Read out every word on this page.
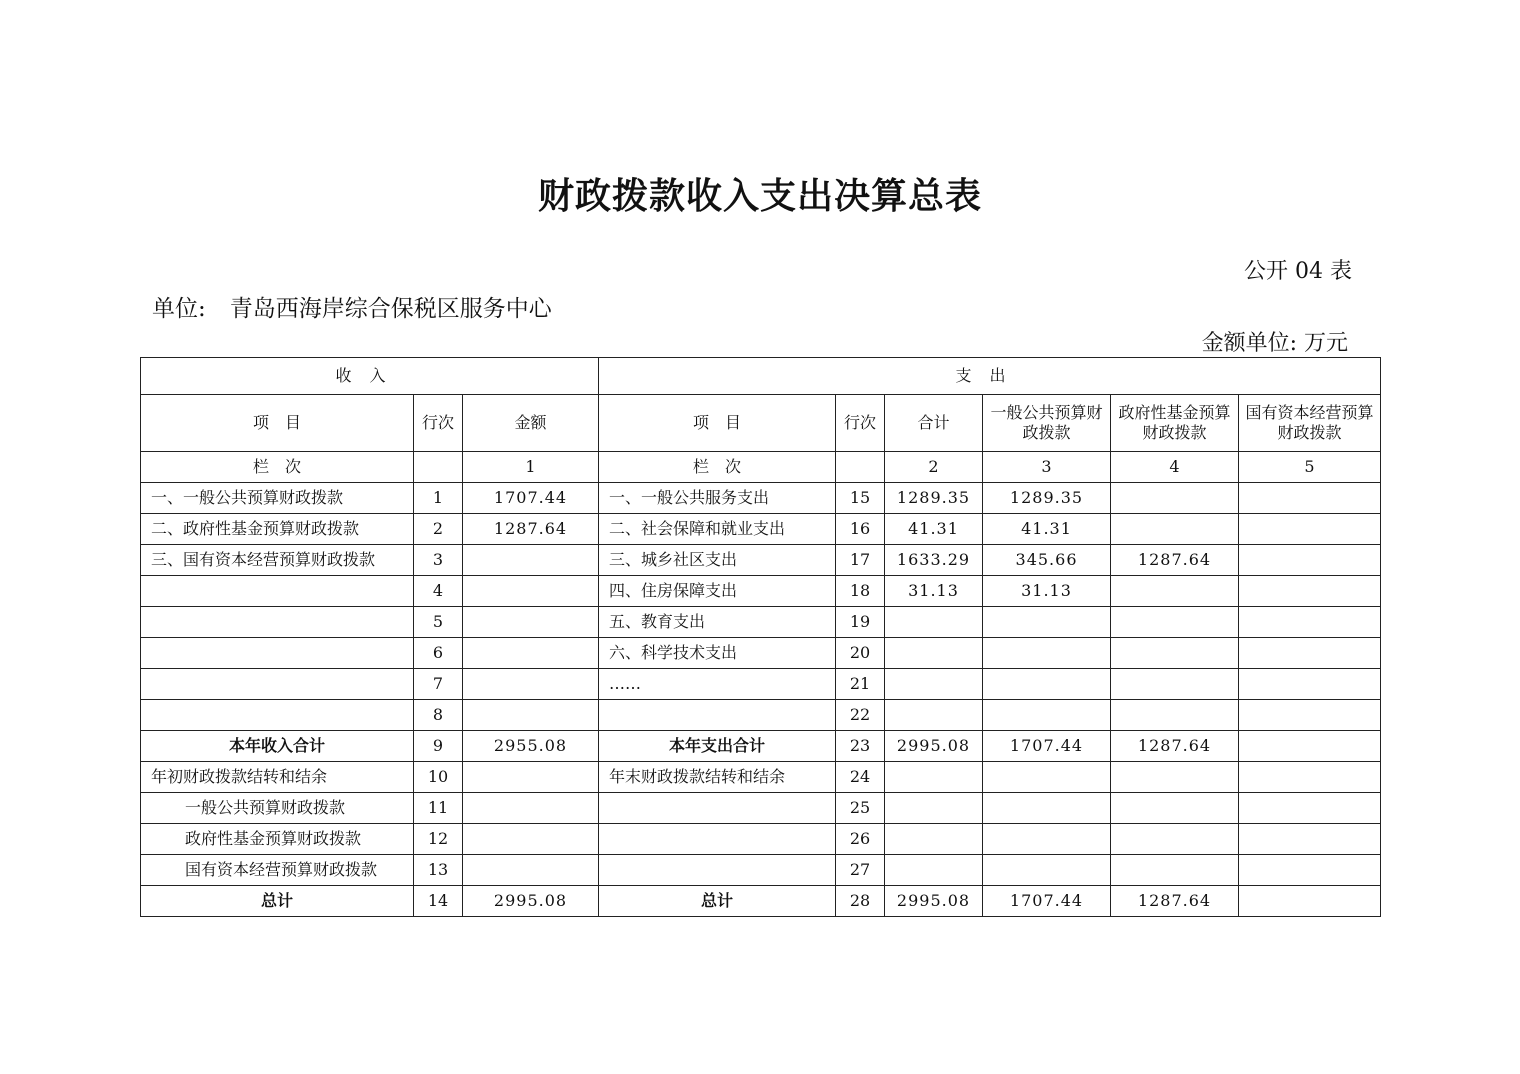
财政拨款收入支出决算总表
公开 04 表
单位: 青岛西海岸综合保税区服务中心
金额单位: 万元
收入			支出					
项　目	行次	金额	项　目	行次	合计	一般公共预算财政拨款	政府性基金预算财政拨款	国有资本经营预算财政拨款
栏　次		1	栏　次		2	3	4	5
一、一般公共预算财政拨款	1	1707.44	一、一般公共服务支出	15	1289.35	1289.35		
二、政府性基金预算财政拨款	2	1287.64	二、社会保障和就业支出	16	41.31	41.31		
三、国有资本经营预算财政拨款	3		三、城乡社区支出	17	1633.29	345.66	1287.64	
	4		四、住房保障支出	18	31.13	31.13		
	5		五、教育支出	19				
	6		六、科学技术支出	20				
	7		……	21				
	8			22				
本年收入合计	9	2955.08	本年支出合计	23	2995.08	1707.44	1287.64	
年初财政拨款结转和结余	10		年末财政拨款结转和结余	24				
一般公共预算财政拨款	11			25				
政府性基金预算财政拨款	12			26				
国有资本经营预算财政拨款	13			27				
总计	14	2995.08	总计	28	2995.08	1707.44	1287.64	
